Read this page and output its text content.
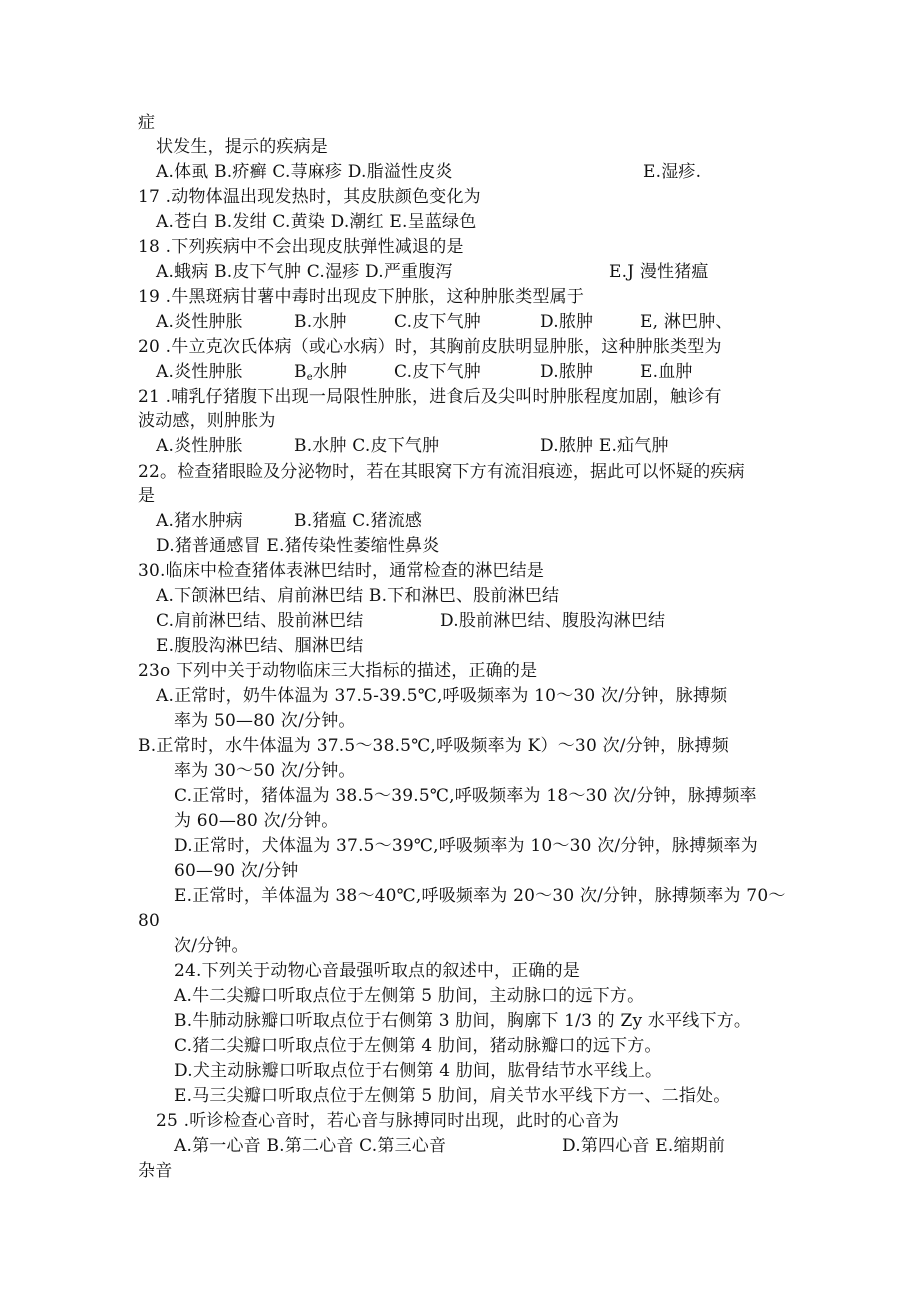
症
状发生，提示的疾病是
A.体虱 B.疥癣 C.荨麻疹 D.脂溢性皮炎	E.湿疹.
17 .动物体温出现发热时，其皮肤颜色变化为
A.苍白 B.发绀 C.黄染 D.潮红 E.呈蓝绿色
18 .下列疾病中不会出现皮肤弹性减退的是
A.蛾病 B.皮下气肿 C.湿疹 D.严重腹泻	E.J 漫性猪瘟
19 .牛黑斑病甘薯中毒时出现皮下肿胀，这种肿胀类型属于
A.炎性肿胀	B.水肿	C.皮下气肿	D.脓肿	E, 淋巴肿、
20 .牛立克次氏体病（或心水病）时，其胸前皮肤明显肿胀，这种肿胀类型为
A.炎性肿胀	$B_e$水肿	C.皮下气肿	D.脓肿	E.血肿
21 .哺乳仔猪腹下出现一局限性肿胀，进食后及尖叫时肿胀程度加剧，触诊有
波动感，则肿胀为
A.炎性肿胀	B.水肿 C.皮下气肿	D.脓肿 E.疝气肿
22。检查猪眼睑及分泌物时，若在其眼窝下方有流泪痕迹，据此可以怀疑的疾病
是
A.猪水肿病	B.猪瘟 C.猪流感
D.猪普通感冒 E.猪传染性萎缩性鼻炎
30.临床中检查猪体表淋巴结时，通常检查的淋巴结是
A.下颌淋巴结、肩前淋巴结 B.下和淋巴、股前淋巴结
C.肩前淋巴结、股前淋巴结	D.股前淋巴结、腹股沟淋巴结
E.腹股沟淋巴结、腘淋巴结
23o 下列中关于动物临床三大指标的描述，正确的是
A.正常时，奶牛体温为 37.5-39.5℃,呼吸频率为 10～30 次/分钟，脉搏频
率为 50—80 次/分钟。
B.正常时，水牛体温为 37.5～38.5℃,呼吸频率为 K）～30 次/分钟，脉搏频
率为 30～50 次/分钟。
C.正常时，猪体温为 38.5～39.5℃,呼吸频率为 18～30 次/分钟，脉搏频率
为 60—80 次/分钟。
D.正常时，犬体温为 37.5～39℃,呼吸频率为 10～30 次/分钟，脉搏频率为
60—90 次/分钟
E.正常时，羊体温为 38～40℃,呼吸频率为 20～30 次/分钟，脉搏频率为 70～
80
次/分钟。
24.下列关于动物心音最强听取点的叙述中，正确的是
A.牛二尖瓣口听取点位于左侧第 5 肋间，主动脉口的远下方。
B.牛肺动脉瓣口听取点位于右侧第 3 肋间，胸廓下 1/3 的 Zy 水平线下方。
C.猪二尖瓣口听取点位于左侧第 4 肋间，猪动脉瓣口的远下方。
D.犬主动脉瓣口听取点位于右侧第 4 肋间，肱骨结节水平线上。
E.马三尖瓣口听取点位于左侧第 5 肋间，肩关节水平线下方一、二指处。
25 .听诊检查心音时，若心音与脉搏同时出现，此时的心音为
A.第一心音 B.第二心音 C.第三心音	D.第四心音 E.缩期前
杂音
